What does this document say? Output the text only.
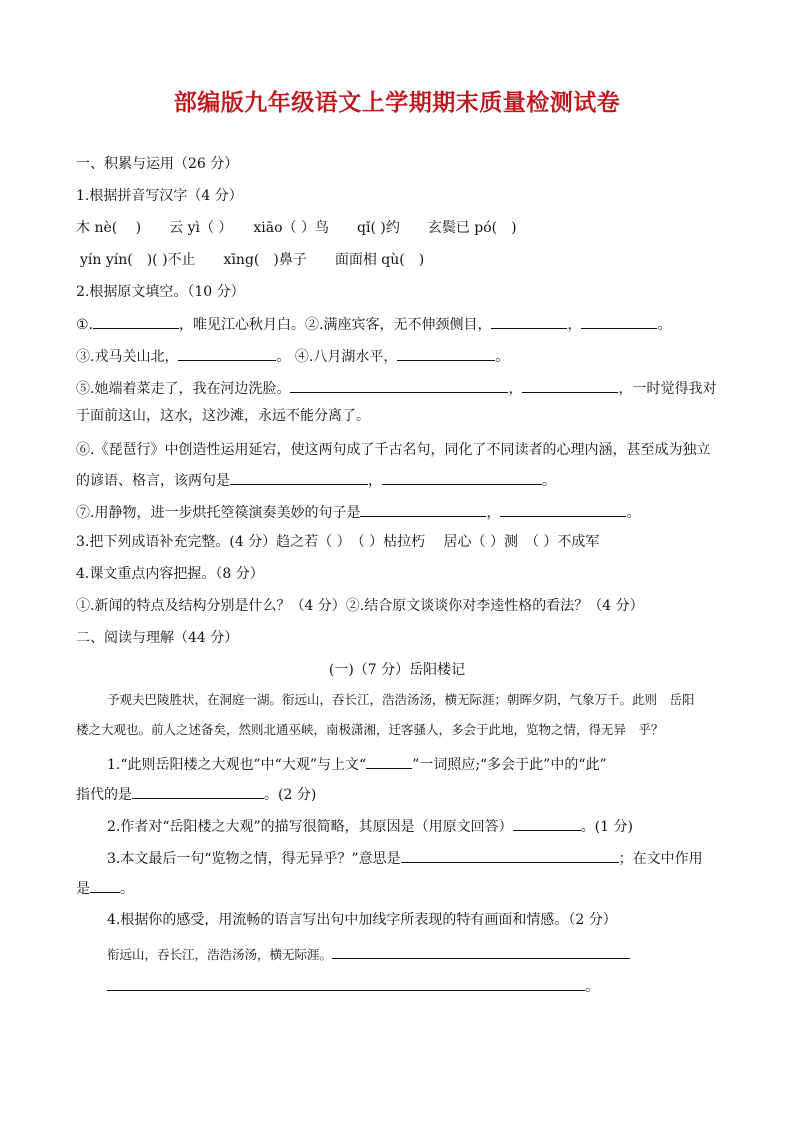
部编版九年级语文上学期期末质量检测试卷
一、积累与运用（26 分）
1.根据拼音写汉字（4 分）
木 nè(　 )　　云 yì（ ）　　xiāo（ ）鸟　　qǐ( )约　　玄鬓已 pó(　)
yín yín(　)( )不止　　xīng(　)鼻子　　面面相 qù(　)
2.根据原文填空。（10 分）
①.	，唯见江心秋月白。②.满座宾客，无不伸颈侧目，	，	。
③.戎马关山北，	。 ④.八月湖水平，	。
⑤.她端着菜走了，我在河边洗脸。	，	，一时觉得我对
于面前这山，这水，这沙滩，永远不能分离了。
⑥.《琵琶行》中创造性运用延宕，使这两句成了千古名句，同化了不同读者的心理内涵，甚至成为独立
的谚语、格言，该两句是	，	。
⑦.用静物，进一步烘托箜篌演奏美妙的句子是	，	。
3.把下列成语补充完整。(4 分）趋之若（ ）　（ ）枯拉朽　 居心（ ）测　（ ）不成军
4.课文重点内容把握。（8 分）
①.新闻的特点及结构分别是什么？（4 分）②.结合原文谈谈你对李逵性格的看法？（4 分）
二、阅读与理解（44 分）
(一)（7 分）岳阳楼记
予观夫巴陵胜状，在洞庭一湖。衔远山，吞长江，浩浩汤汤，横无际涯；朝晖夕阴，气象万千。此则　岳阳
楼之大观也。前人之述备矣，然则北通巫峡，南极潇湘，迁客骚人，多会于此地，览物之情，得无异　乎？
1.“此则岳阳楼之大观也”中“大观”与上文“	”一词照应;“多会于此”中的“此”
指代的是	。(2 分)
2.作者对“岳阳楼之大观”的描写很简略，其原因是（用原文回答）	。(1 分)
3.本文最后一句“览物之情，得无异乎？”意思是	；在文中作用
是 。
4.根据你的感受，用流畅的语言写出句中加线字所表现的特有画面和情感。（2 分）
衔远山，吞长江，浩浩汤汤，横无际涯。
。
